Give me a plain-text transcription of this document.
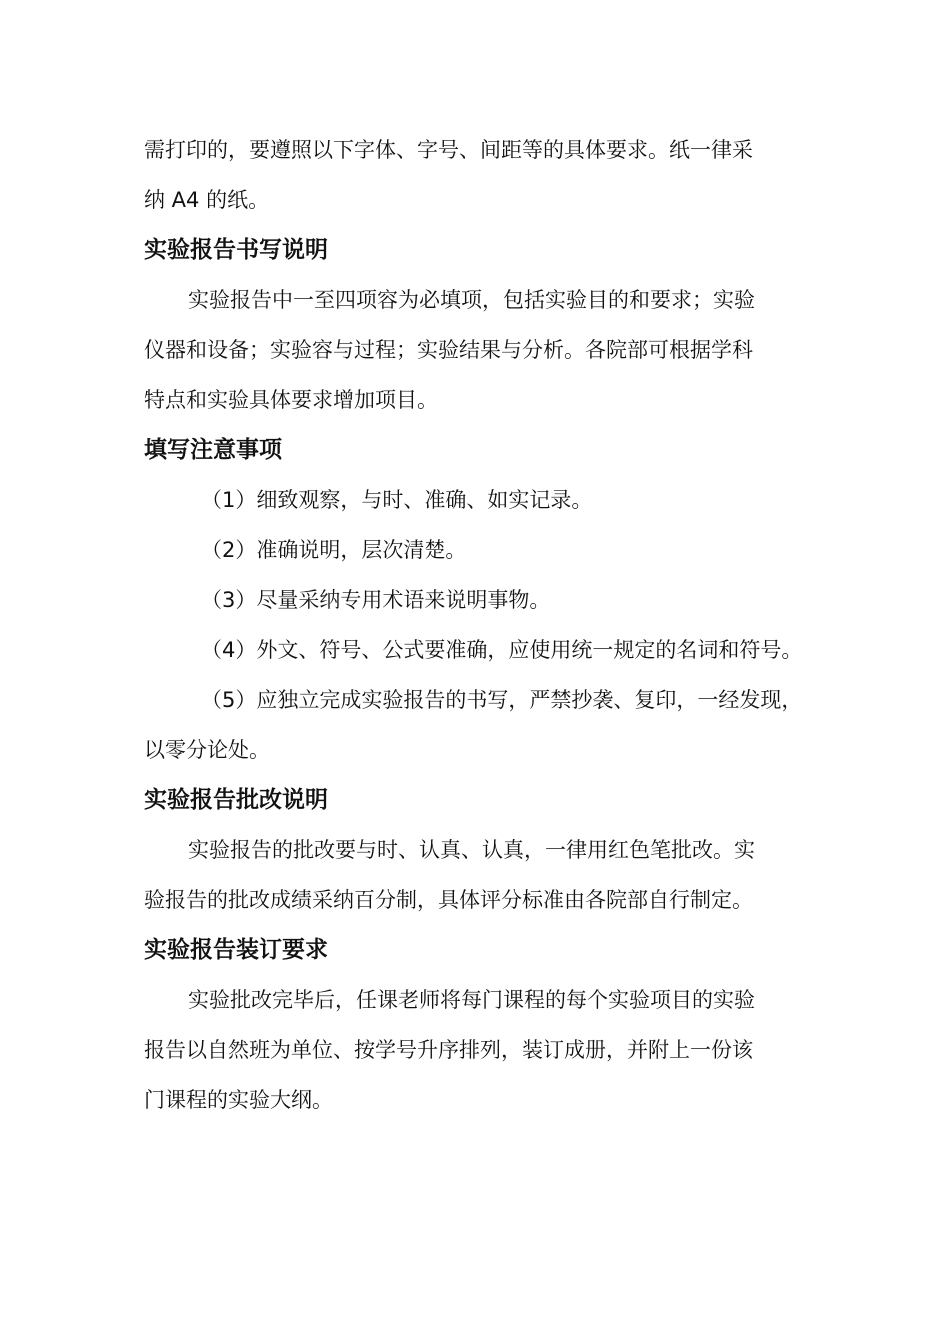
需打印的，要遵照以下字体、字号、间距等的具体要求。纸一律采

纳 A4 的纸。

实验报告书写说明

实验报告中一至四项容为必填项，包括实验目的和要求；实验

仪器和设备；实验容与过程；实验结果与分析。各院部可根据学科

特点和实验具体要求增加项目。

填写注意事项

（1）细致观察，与时、准确、如实记录。

（2）准确说明，层次清楚。

（3）尽量采纳专用术语来说明事物。

（4）外文、符号、公式要准确，应使用统一规定的名词和符号。

（5）应独立完成实验报告的书写，严禁抄袭、复印，一经发现，

以零分论处。

实验报告批改说明

实验报告的批改要与时、认真、认真，一律用红色笔批改。实

验报告的批改成绩采纳百分制，具体评分标准由各院部自行制定。

实验报告装订要求

实验批改完毕后，任课老师将每门课程的每个实验项目的实验

报告以自然班为单位、按学号升序排列，装订成册，并附上一份该

门课程的实验大纲。
